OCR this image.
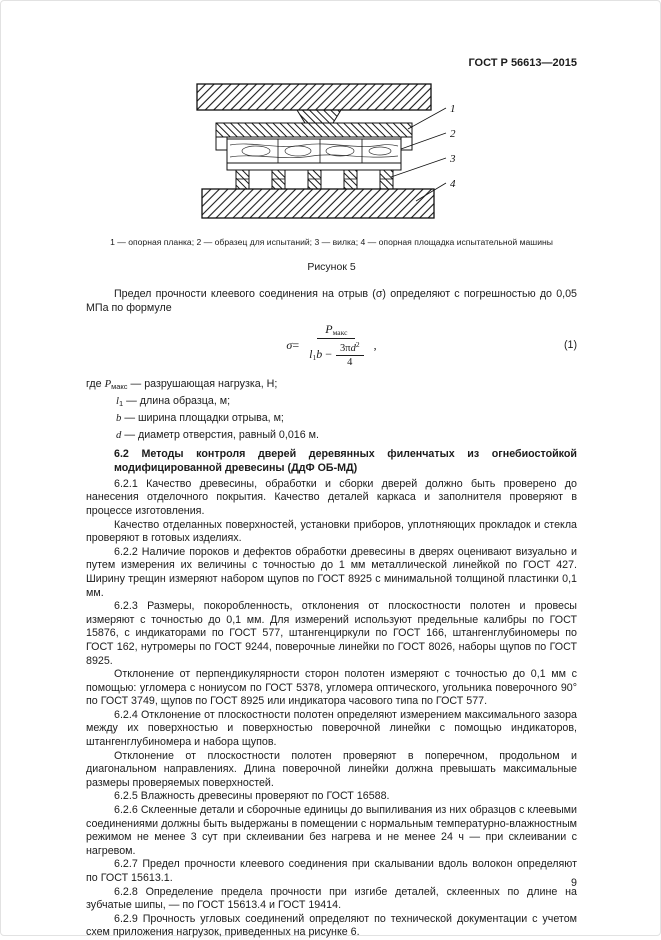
ГОСТ Р 56613—2015
1
2
3
4
1 — опорная планка; 2 — образец для испытаний; 3 — вилка; 4 — опорная площадка испытательной машины
Рисунок 5

Предел прочности клеевого соединения на отрыв (σ) определяют с погрешностью до 0,05 МПа по формуле

$\sigma = \frac{P_{макс}}{l_1b - \frac{3\pi d^2}{4}}$ ,	(1)
где $P_{макс}$ — разрушающая нагрузка, Н;
$l_1$ — длина образца, м;
b — ширина площадки отрыва, м;
d — диаметр отверстия, равный 0,016 м.
6.2 Методы контроля дверей деревянных филенчатых из огнебиостойкой модифицированной древесины (ДдФ ОБ-МД)

6.2.1 Качество древесины, обработки и сборки дверей должно быть проверено до нанесения отделочного покрытия. Качество деталей каркаса и заполнителя проверяют в процессе изготовления.

Качество отделанных поверхностей, установки приборов, уплотняющих прокладок и стекла проверяют в готовых изделиях.

6.2.2 Наличие пороков и дефектов обработки древесины в дверях оценивают визуально и путем измерения их величины с точностью до 1 мм металлической линейкой по ГОСТ 427. Ширину трещин измеряют набором щупов по ГОСТ 8925 с минимальной толщиной пластинки 0,1 мм.

6.2.3 Размеры, покоробленность, отклонения от плоскостности полотен и провесы измеряют с точностью до 0,1 мм. Для измерений используют предельные калибры по ГОСТ 15876, с индикаторами по ГОСТ 577, штангенциркули по ГОСТ 166, штангенглубиномеры по ГОСТ 162, нутромеры по ГОСТ 9244, поверочные линейки по ГОСТ 8026, наборы щупов по ГОСТ 8925.

Отклонение от перпендикулярности сторон полотен измеряют с точностью до 0,1 мм с помощью: угломера с нониусом по ГОСТ 5378, угломера оптического, угольника поверочного 90° по ГОСТ 3749, щупов по ГОСТ 8925 или индикатора часового типа по ГОСТ 577.

6.2.4 Отклонение от плоскостности полотен определяют измерением максимального зазора между их поверхностью и поверхностью поверочной линейки с помощью индикаторов, штангенглубиномера и набора щупов.

Отклонение от плоскостности полотен проверяют в поперечном, продольном и диагональном направлениях. Длина поверочной линейки должна превышать максимальные размеры проверяемых поверхностей.

6.2.5 Влажность древесины проверяют по ГОСТ 16588.

6.2.6 Склеенные детали и сборочные единицы до выпиливания из них образцов с клеевыми соединениями должны быть выдержаны в помещении с нормальным температурно-влажностным режимом не менее 3 сут при склеивании без нагрева и не менее 24 ч — при склеивании с нагревом.

6.2.7 Предел прочности клеевого соединения при скалывании вдоль волокон определяют по ГОСТ 15613.1.

6.2.8 Определение предела прочности при изгибе деталей, склеенных по длине на зубчатые шипы, — по ГОСТ 15613.4 и ГОСТ 19414.

6.2.9 Прочность угловых соединений определяют по технической документации с учетом схем приложения нагрузок, приведенных на рисунке 6.

9
